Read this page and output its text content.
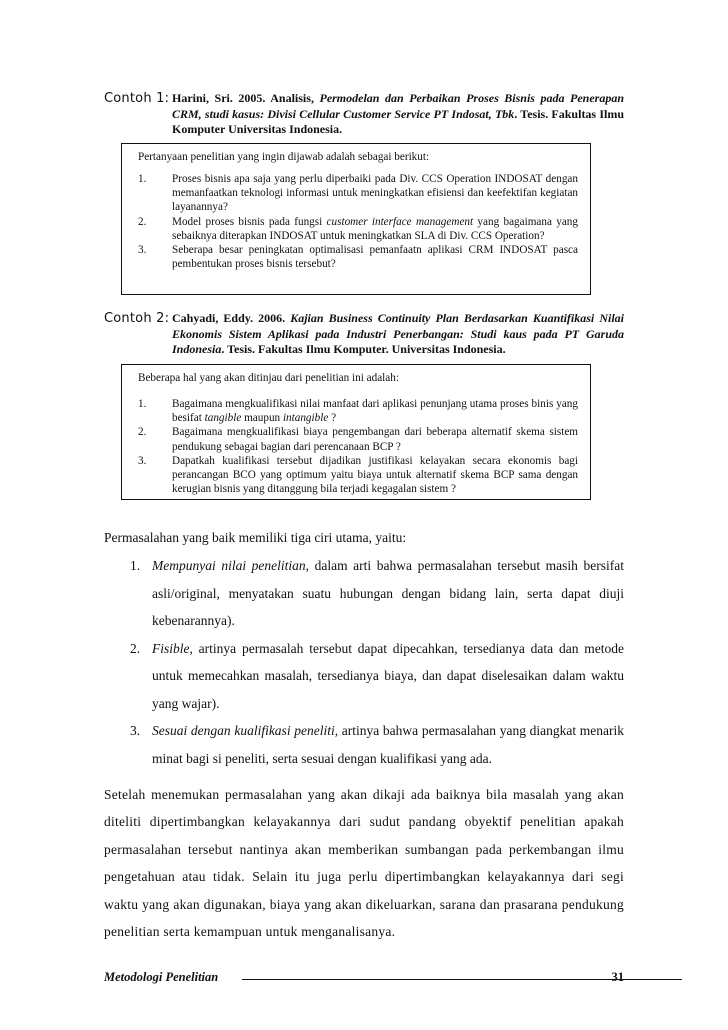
Contoh 1: Harini, Sri. 2005. Analisis, Permodelan dan Perbaikan Proses Bisnis pada Penerapan CRM, studi kasus: Divisi Cellular Customer Service PT Indosat, Tbk. Tesis. Fakultas Ilmu Komputer Universitas Indonesia.
Pertanyaan penelitian yang ingin dijawab adalah sebagai berikut:
1. Proses bisnis apa saja yang perlu diperbaiki pada Div. CCS Operation INDOSAT dengan memanfaatkan teknologi informasi untuk meningkatkan efisiensi dan keefektifan kegiatan layanannya?
2. Model proses bisnis pada fungsi customer interface management yang bagaimana yang sebaiknya diterapkan INDOSAT untuk meningkatkan SLA di Div. CCS Operation?
3. Seberapa besar peningkatan optimalisasi pemanfaatn aplikasi CRM INDOSAT pasca pembentukan proses bisnis tersebut?
Contoh 2: Cahyadi, Eddy. 2006. Kajian Business Continuity Plan Berdasarkan Kuantifikasi Nilai Ekonomis Sistem Aplikasi pada Industri Penerbangan: Studi kaus pada PT Garuda Indonesia. Tesis. Fakultas Ilmu Komputer. Universitas Indonesia.
Beberapa hal yang akan ditinjau dari penelitian ini adalah:
1. Bagaimana mengkualifikasi nilai manfaat dari aplikasi penunjang utama proses binis yang besifat tangible maupun intangible ?
2. Bagaimana mengkualifikasi biaya pengembangan dari beberapa alternatif skema sistem pendukung sebagai bagian dari perencanaan BCP ?
3. Dapatkah kualifikasi tersebut dijadikan justifikasi kelayakan secara ekonomis bagi perancangan BCO yang optimum yaitu biaya untuk alternatif skema BCP sama dengan kerugian bisnis yang ditanggung bila terjadi kegagalan sistem ?
Permasalahan yang baik memiliki tiga ciri utama, yaitu:
1. Mempunyai nilai penelitian, dalam arti bahwa permasalahan tersebut masih bersifat asli/original, menyatakan suatu hubungan dengan bidang lain, serta dapat diuji kebenarannya).
2. Fisible, artinya permasalah tersebut dapat dipecahkan, tersedianya data dan metode untuk memecahkan masalah, tersedianya biaya, dan dapat diselesaikan dalam waktu yang wajar).
3. Sesuai dengan kualifikasi peneliti, artinya bahwa permasalahan yang diangkat menarik minat bagi si peneliti, serta sesuai dengan kualifikasi yang ada.
Setelah menemukan permasalahan yang akan dikaji ada baiknya bila masalah yang akan diteliti dipertimbangkan kelayakannya dari sudut pandang obyektif penelitian apakah permasalahan tersebut nantinya akan memberikan sumbangan pada perkembangan ilmu pengetahuan atau tidak. Selain itu juga perlu dipertimbangkan kelayakannya dari segi waktu yang akan digunakan, biaya yang akan dikeluarkan, sarana dan prasarana pendukung penelitian serta kemampuan untuk menganalisanya.
Metodologi Penelitian	31
